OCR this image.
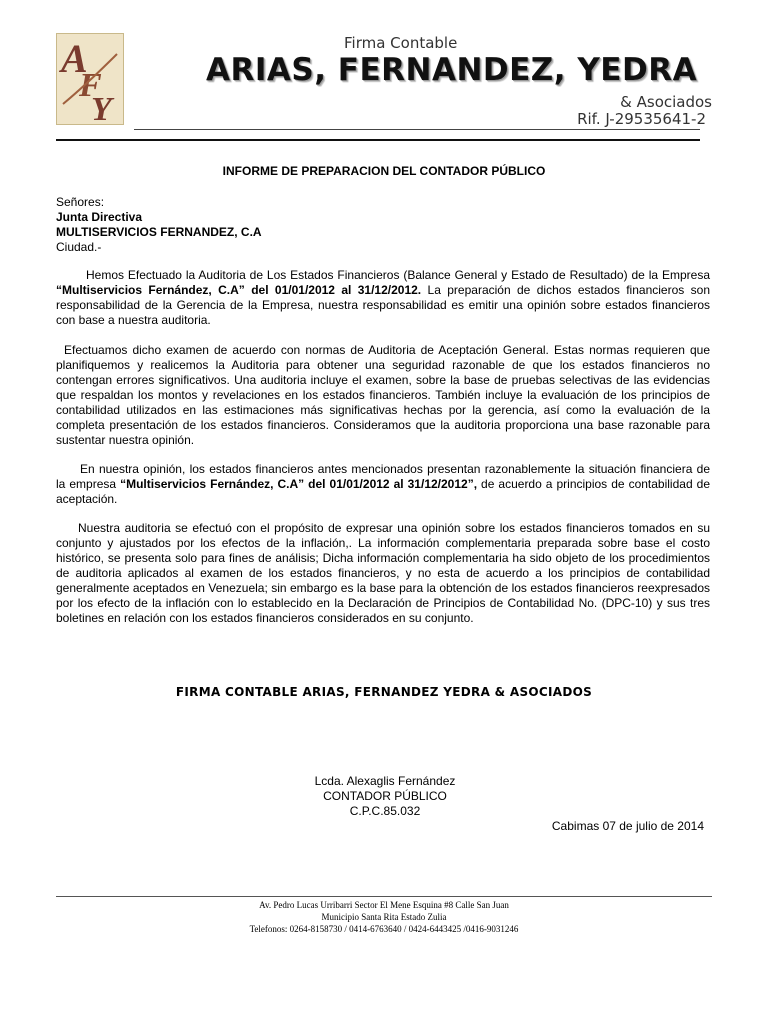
A
F
Y
Firma Contable
ARIAS, FERNANDEZ, YEDRA
& Asociados
Rif. J-29535641-2
INFORME DE PREPARACION DEL CONTADOR PÚBLICO
Señores:
Junta Directiva
MULTISERVICIOS FERNANDEZ, C.A
Ciudad.-

Hemos Efectuado la Auditoria de Los Estados Financieros (Balance General y Estado de Resultado) de la Empresa “Multiservicios Fernández, C.A” del 01/01/2012 al 31/12/2012. La preparación de dichos estados financieros son responsabilidad de la Gerencia de la Empresa, nuestra responsabilidad es emitir una opinión sobre estados financieros con base a nuestra auditoria.

Efectuamos dicho examen de acuerdo con normas de Auditoria de Aceptación General. Estas normas requieren que planifiquemos y realicemos la Auditoria para obtener una seguridad razonable de que los estados financieros no contengan errores significativos. Una auditoria incluye el examen, sobre la base de pruebas selectivas de las evidencias que respaldan los montos y revelaciones en los estados financieros. También incluye la evaluación de los principios de contabilidad utilizados en las estimaciones más significativas hechas por la gerencia, así como la evaluación de la completa presentación de los estados financieros. Consideramos que la auditoria proporciona una base razonable para sustentar nuestra opinión.

En nuestra opinión, los estados financieros antes mencionados presentan razonablemente la situación financiera de la empresa “Multiservicios Fernández, C.A” del 01/01/2012 al 31/12/2012”, de acuerdo a principios de contabilidad de aceptación.

Nuestra auditoria se efectuó con el propósito de expresar una opinión sobre los estados financieros tomados en su conjunto y ajustados por los efectos de la inflación,. La información complementaria preparada sobre base el costo histórico, se presenta solo para fines de análisis; Dicha información complementaria ha sido objeto de los procedimientos de auditoria aplicados al examen de los estados financieros, y no esta de acuerdo a los principios de contabilidad generalmente aceptados en Venezuela; sin embargo es la base para la obtención de los estados financieros reexpresados por los efecto de la inflación con lo establecido en la Declaración de Principios de Contabilidad No. (DPC-10) y sus tres boletines en relación con los estados financieros considerados en su conjunto.

FIRMA CONTABLE ARIAS, FERNANDEZ YEDRA & ASOCIADOS
Lcda. Alexaglis Fernández
CONTADOR PÚBLICO
C.P.C.85.032
Cabimas 07 de julio de 2014
Av. Pedro Lucas Urribarri Sector El Mene Esquina #8 Calle San Juan
Municipio Santa Rita Estado Zulia
Telefonos: 0264-8158730 / 0414-6763640 / 0424-6443425 /0416-9031246
